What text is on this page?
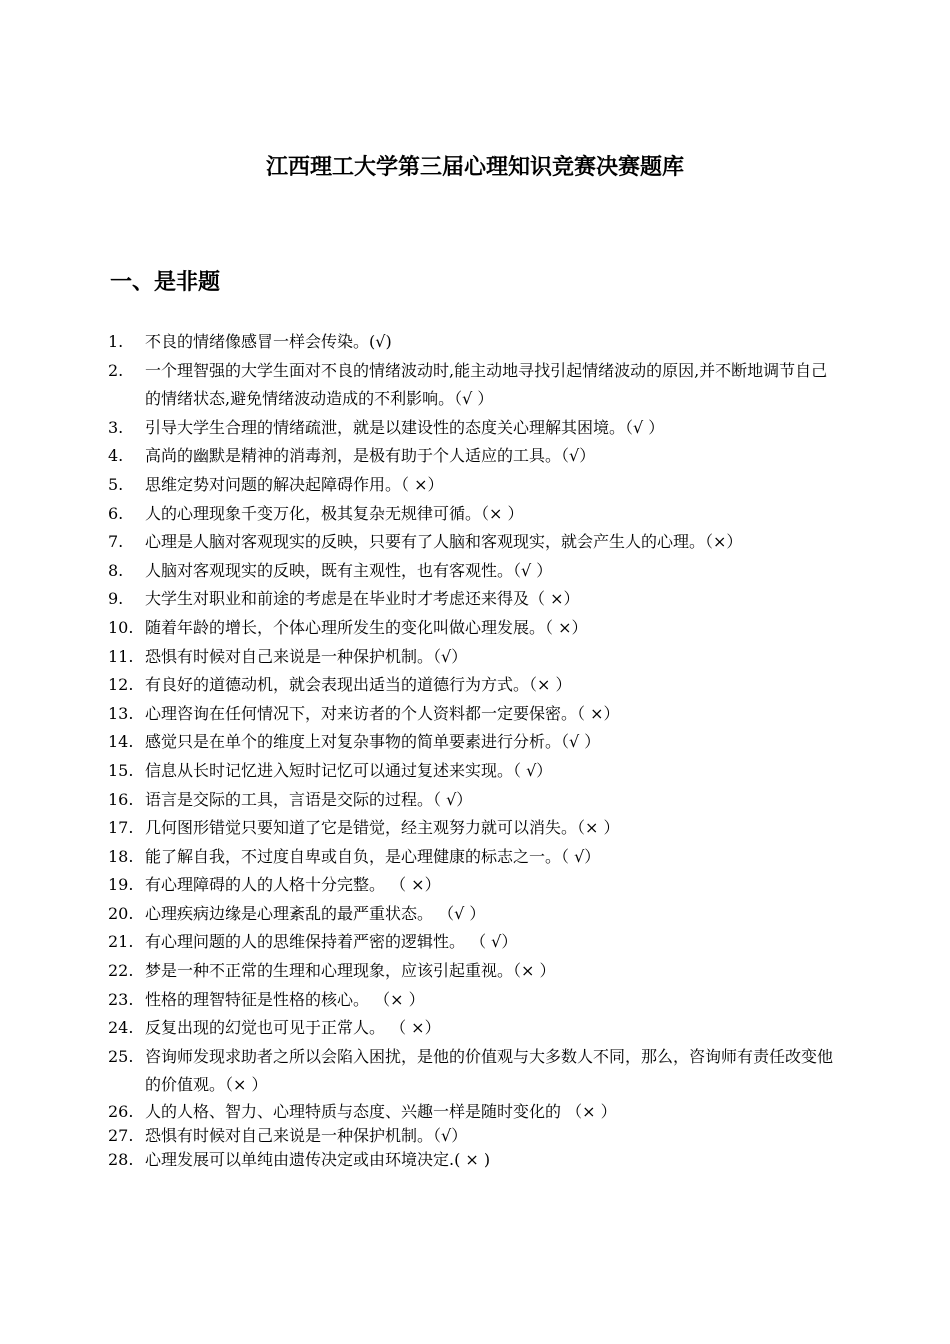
江西理工大学第三届心理知识竞赛决赛题库
一、是非题
1.	不良的情绪像感冒一样会传染。(√)
2.	一个理智强的大学生面对不良的情绪波动时,能主动地寻找引起情绪波动的原因,并不断地调节自己的情绪状态,避免情绪波动造成的不利影响。（√ ）
3.	引导大学生合理的情绪疏泄，就是以建设性的态度关心理解其困境。（√ ）
4.	高尚的幽默是精神的消毒剂，是极有助于个人适应的工具。（√）
5.	思维定势对问题的解决起障碍作用。（ ×）
6.	人的心理现象千变万化，极其复杂无规律可循。（× ）
7.	心理是人脑对客观现实的反映，只要有了人脑和客观现实，就会产生人的心理。（×）
8.	人脑对客观现实的反映，既有主观性，也有客观性。（√ ）
9.	大学生对职业和前途的考虑是在毕业时才考虑还来得及（ ×）
10. 随着年龄的增长，个体心理所发生的变化叫做心理发展。（ ×）
11. 恐惧有时候对自己来说是一种保护机制。（√）
12. 有良好的道德动机，就会表现出适当的道德行为方式。（× ）
13. 心理咨询在任何情况下，对来访者的个人资料都一定要保密。（ ×）
14. 感觉只是在单个的维度上对复杂事物的简单要素进行分析。（√ ）
15. 信息从长时记忆进入短时记忆可以通过复述来实现。（ √）
16. 语言是交际的工具，言语是交际的过程。（ √）
17. 几何图形错觉只要知道了它是错觉，经主观努力就可以消失。（× ）
18. 能了解自我，不过度自卑或自负，是心理健康的标志之一。（ √）
19. 有心理障碍的人的人格十分完整。 （ ×）
20. 心理疾病边缘是心理紊乱的最严重状态。 （√ ）
21. 有心理问题的人的思维保持着严密的逻辑性。 （ √）
22. 梦是一种不正常的生理和心理现象，应该引起重视。（× ）
23. 性格的理智特征是性格的核心。 （× ）
24. 反复出现的幻觉也可见于正常人。 （ ×）
25. 咨询师发现求助者之所以会陷入困扰，是他的价值观与大多数人不同，那么，咨询师有责任改变他的价值观。（× ）
26. 人的人格、智力、心理特质与态度、兴趣一样是随时变化的 （× ）
27. 恐惧有时候对自己来说是一种保护机制。（√）
28. 心理发展可以单纯由遗传决定或由环境决定.( × )
